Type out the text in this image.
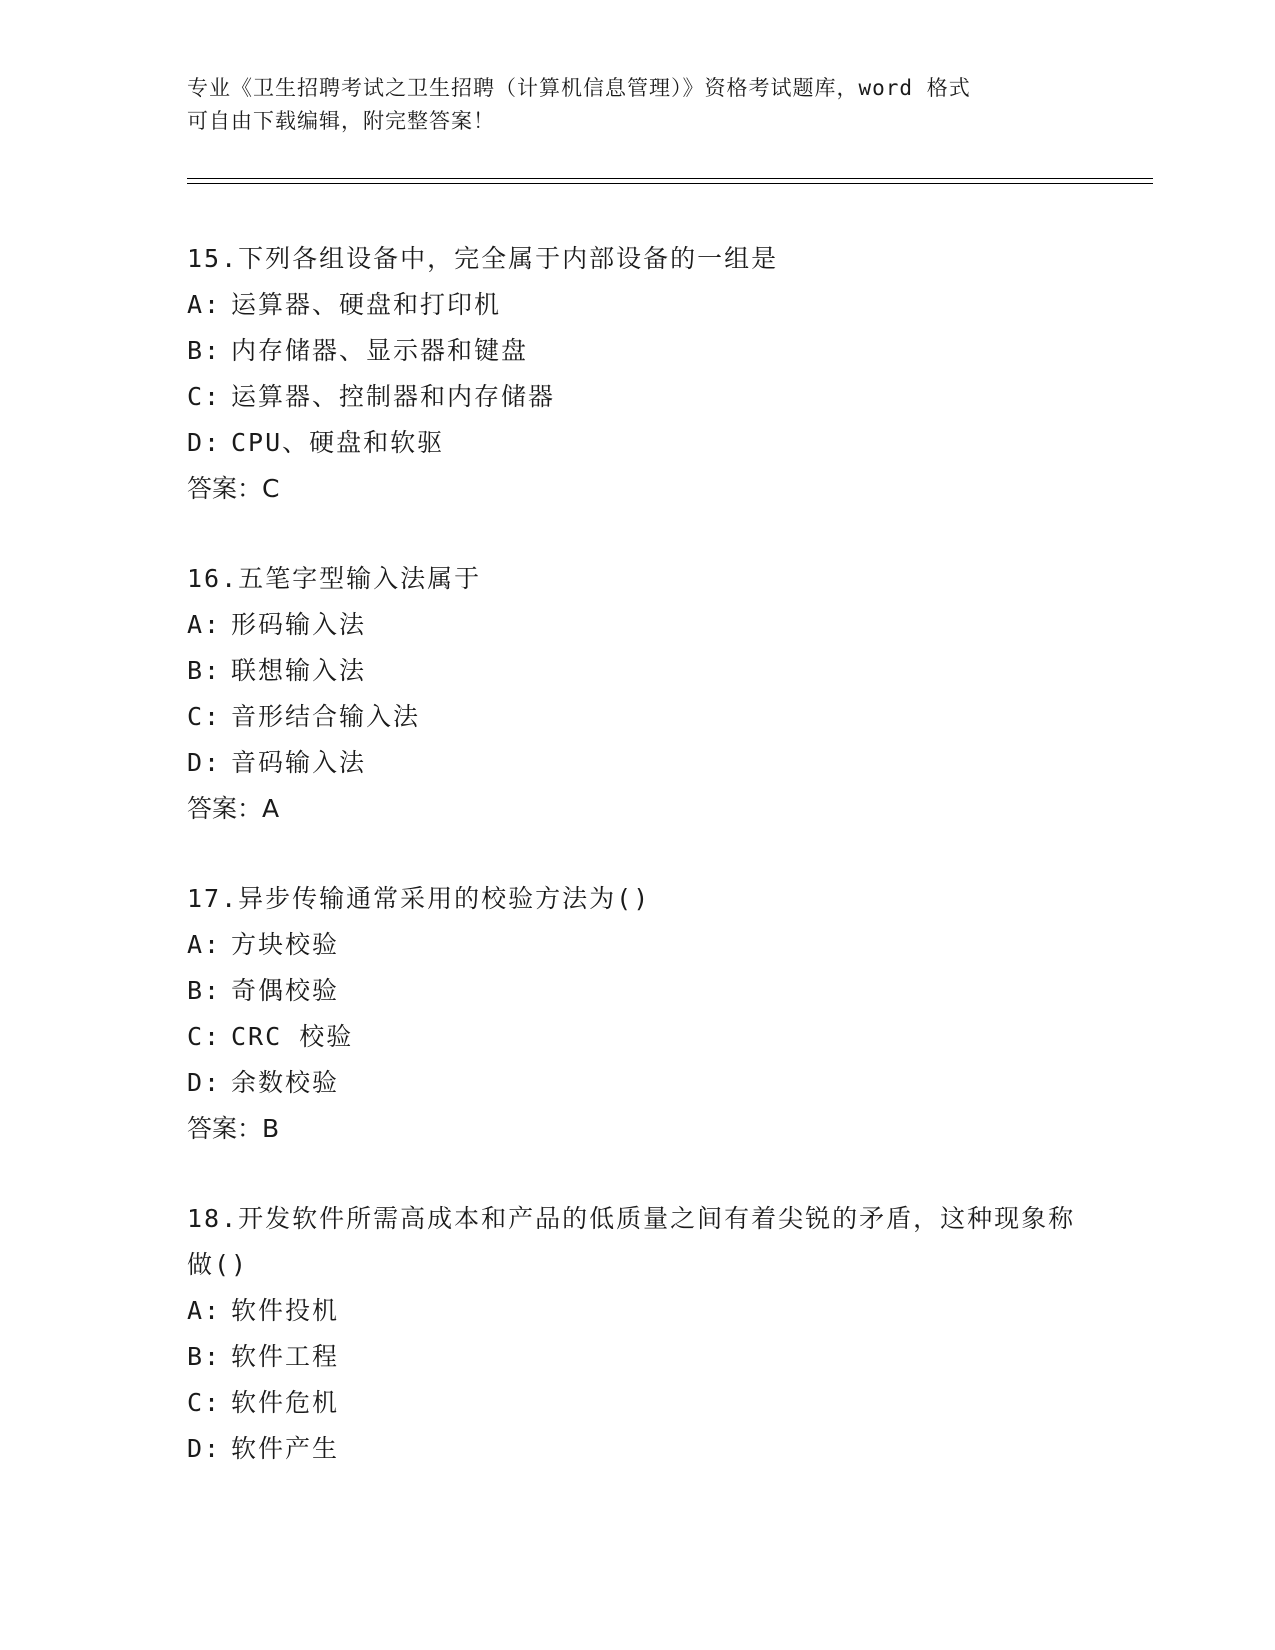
专业《卫生招聘考试之卫生招聘（计算机信息管理）》资格考试题库，word 格式
可自由下载编辑，附完整答案！

15.下列各组设备中，完全属于内部设备的一组是

A: 运算器、硬盘和打印机

B: 内存储器、显示器和键盘

C: 运算器、控制器和内存储器

D: CPU、硬盘和软驱

答案：C

16.五笔字型输入法属于

A: 形码输入法

B: 联想输入法

C: 音形结合输入法

D: 音码输入法

答案：A

17.异步传输通常采用的校验方法为()

A: 方块校验

B: 奇偶校验

C: CRC 校验

D: 余数校验

答案：B

18.开发软件所需高成本和产品的低质量之间有着尖锐的矛盾，这种现象称做()

A: 软件投机

B: 软件工程

C: 软件危机

D: 软件产生
